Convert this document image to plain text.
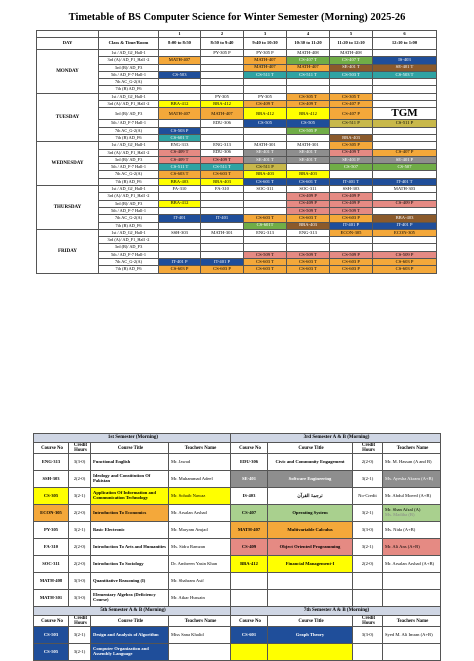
Timetable of BS Computer Science for Winter Semester (Morning) 2025-26
		1	2	3	4	5	6
DAY	Class & Time/Room	8:00 to 8:50	8:50 to 9:40	9:40 to 10:30	10:30 to 11:20	11:20 to 12:10	12:10 to 1:00
MONDAY	1st / AD_GJ_Hall-1		PY-305 P	PY-305 P	MATH-408	MATH-408	
	3rd (A)/ AD_F1_Hall -2	MATH-407		MATH-407	CS-407 T	CS-407 T	IS-403
	3rd (B)/ AD_F3			MATH-407	MATH-407	SE-401 T	SE-401 T
	5th / AD_F-7 Hall-1	CS-503		CS-511 T	CS-511 T	CS-503 T	CS-503 T
	7th AC_G-2(A)						
	7th (B) AD_F6						
TUESDAY	1st / AD_GJ_Hall-1		PY-305	PY-305	CS-305 T	CS-305 T	
	3rd (A)/ AD_F1_Hall -2	BBA-412	BBA-412	CS-409 T	CS-409 T	CS-407 P	
	3rd (B)/ AD_F3	MATH-407	MATH-407	BBA-412	BBA-412	CS-407 P	TGM
	5th / AD_F-7 Hall-1		EDU-306	CS-505	CS-505	CS-511 P	CS-511 P
	7th AC_G-2(A)	CS-503 P			CS-505 P		
	7th (B) AD_F6	CS-601 T				BBA-403	
WEDNESDAY	1st / AD_GJ_Hall-1	ENG-313	ENG-313	MATH-301	MATH-301	CS-305 P	
	3rd (A)/ AD_F1_Hall -2	CS-409 T	EDU-306	SE-401 T	SE-401 T	CS-409 T	CS-407 P
	3rd (B)/ AD_F3	CS-409 T	CS-409 T	SE-401 T	SE-401 T	SE-401 P	SE-401 P
	5th / AD_F-7 Hall-1	CS-511 T	CS-511 T	CS-511 P		CS-507	CS-507
	7th AC_G-2(A)	CS-603 T	CS-603 T	BBA-403	BBA-403		
	7th (B) AD_F6	BBA-403	BBA-403	CS-601 T	CS-601 T	IT-401 T	IT-401 T
THURSDAY	1st / AD_GJ_Hall-1	FA-310	FA-310	SOC-311	SOC-311	SSH-303	MATH-303
	3rd (A)/ AD_F1_Hall -2				CS-409 P	CS-409 P	
	3rd (B)/ AD_F3	BBA-412			CS-409 P	CS-409 P	CS-409 P
	5th / AD_F-7 Hall-1				CS-509 T	CS-509 T	
	7th AC_G-2(A)	IT-401	IT-401	CS-603 T	CS-603 T	CS-603 P	BBA-403
	7th (B) AD_F6			CS-601T	BBA-403	IT-401 P	IT-401 P
FRIDAY	1st / AD_GJ_Hall-1	SSH-303	MATH-301	ENG-313	ENG-313	ECON-305	ECON-305
	3rd (A)/ AD_F1_Hall -2						
	3rd (B)/ AD_F3						
	5th / AD_F-7 Hall-1			CS-509 T	CS-509 T	CS-509 P	CS-509 P
	7th AC_G-2(A)	IT-401 P	IT-401 P	CS-603 T	CS-603 T	CS-603 P	CS-603 P
	7th (B) AD_F6	CS-603 P	CS-603 P	CS-603 T	CS-603 T	CS-603 P	CS-603 P
1st Semester (Morning)				3rd Semester A & B (Morning)			
Course No	Credit Hours	Course Title	Teachers Name	Course No	Course Title	Credit Hours	Teachers Name
ENG-313	3(3-0)	Functional English	Mr. Jawad	EDU-306	Civic and Community Engagement	2(2-0)	Mr. M. Hassan (A and B)
SSH-303	2(2-0)	Ideology and Constitution Of Pakistan	Mr. Muhammad Adeel	SE-401	Software Engineering	3(2-1)	Ms. Ayesha Akram (A+B)
CS-305	3(2-1)	Application Of Information and Communication Technology	Mr. Sohaib Nawaz	IS-403	ترجمۃ القرآن	No-Credit	Mr. Abdul Moeed (A+B)
ECON-305	2(2-0)	Introduction To Economics	Mr. Arsalan Arshad	CS-407	Operating System	3(2-1)	Mr. Shan Afzal (A)
Ms. Madiha (B)

PY-305	3(2-1)	Basic Electronic	Mr. Maryam Amjad	MATH-407	Multivariable Calculus	3(3-0)	Ms. Nida (A+B)
FA-310	2(2-0)	Introduction To Arts and Humanities	Ms. Sidra Ramzan	CS-409	Object Oriented Programming	3(2-1)	Mr. Ali Ans (A+B)
SOC-311	2(2-0)	Introduction To Sociology	Dr. Ambreen Yasin Khan	BBA-412	Financial Management-I	2(2-0)	Mr. Arsalan Arshad (A+B)
MATH-408	3(3-0)	Quantitative Reasoning (I)	Mr. Shahram Asif				
MATH-301	3(3-0)	Elementary Algebra (Deficiency Course)	Mr. Atkar Hussain				
5th Semester A & B (Morning)				7th Semester A & B (Morning)			
Course No	Credit Hours	Course Title	Teachers Name	Course No	Course Title	Credit Hours	Teachers Name
CS-503	3(2-1)	Design and Analysis of Algorithm	Miss Sana Khalid	CS-601	Graph Theory	3(3-0)	Syed M. Ali Imran (A+B)
CS-505	3(2-1)	Computer Organization and Assembly Language					
